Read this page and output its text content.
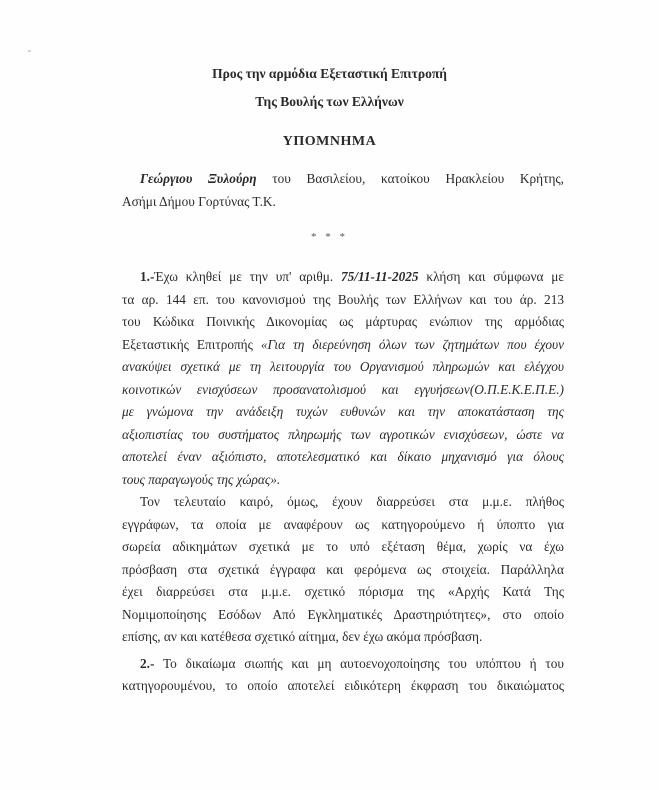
Προς την αρμόδια Εξεταστική Επιτροπή
Της Βουλής των Ελλήνων
ΥΠΟΜΝΗΜΑ
Γεώργιου Ξυλούρη του Βασιλείου, κατοίκου Ηρακλείου Κρήτης,
Ασήμι Δήμου Γορτύνας Τ.Κ.
* * *
1.-Έχω κληθεί με την υπ' αριθμ. 75/11-11-2025 κλήση και σύμφωνα με
τα αρ. 144 επ. του κανονισμού της Βουλής των Ελλήνων και του άρ. 213
του Κώδικα Ποινικής Δικονομίας ως μάρτυρας ενώπιον της αρμόδιας
Εξεταστικής Επιτροπής «Για τη διερεύνηση όλων των ζητημάτων που έχουν
ανακύψει σχετικά με τη λειτουργία του Οργανισμού πληρωμών και ελέγχου
κοινοτικών ενισχύσεων προσανατολισμού και εγγυήσεων(Ο.Π.Ε.Κ.Ε.Π.Ε.)
με γνώμονα την ανάδειξη τυχών ευθυνών και την αποκατάσταση της
αξιοπιστίας του συστήματος πληρωμής των αγροτικών ενισχύσεων, ώστε να
αποτελεί έναν αξιόπιστο, αποτελεσματικό και δίκαιο μηχανισμό για όλους
τους παραγωγούς της χώρας».
Τον τελευταίο καιρό, όμως, έχουν διαρρεύσει στα μ.μ.ε. πλήθος
εγγράφων, τα οποία με αναφέρουν ως κατηγορούμενο ή ύποπτο για
σωρεία αδικημάτων σχετικά με το υπό εξέταση θέμα, χωρίς να έχω
πρόσβαση στα σχετικά έγγραφα και φερόμενα ως στοιχεία. Παράλληλα
έχει διαρρεύσει στα μ.μ.ε. σχετικό πόρισμα της «Αρχής Κατά Της
Νομιμοποίησης Εσόδων Από Εγκληματικές Δραστηριότητες», στο οποίο
επίσης, αν και κατέθεσα σχετικό αίτημα, δεν έχω ακόμα πρόσβαση.
2.- Το δικαίωμα σιωπής και μη αυτοενοχοποίησης του υπόπτου ή του
κατηγορουμένου, το οποίο αποτελεί ειδικότερη έκφραση του δικαιώματος
